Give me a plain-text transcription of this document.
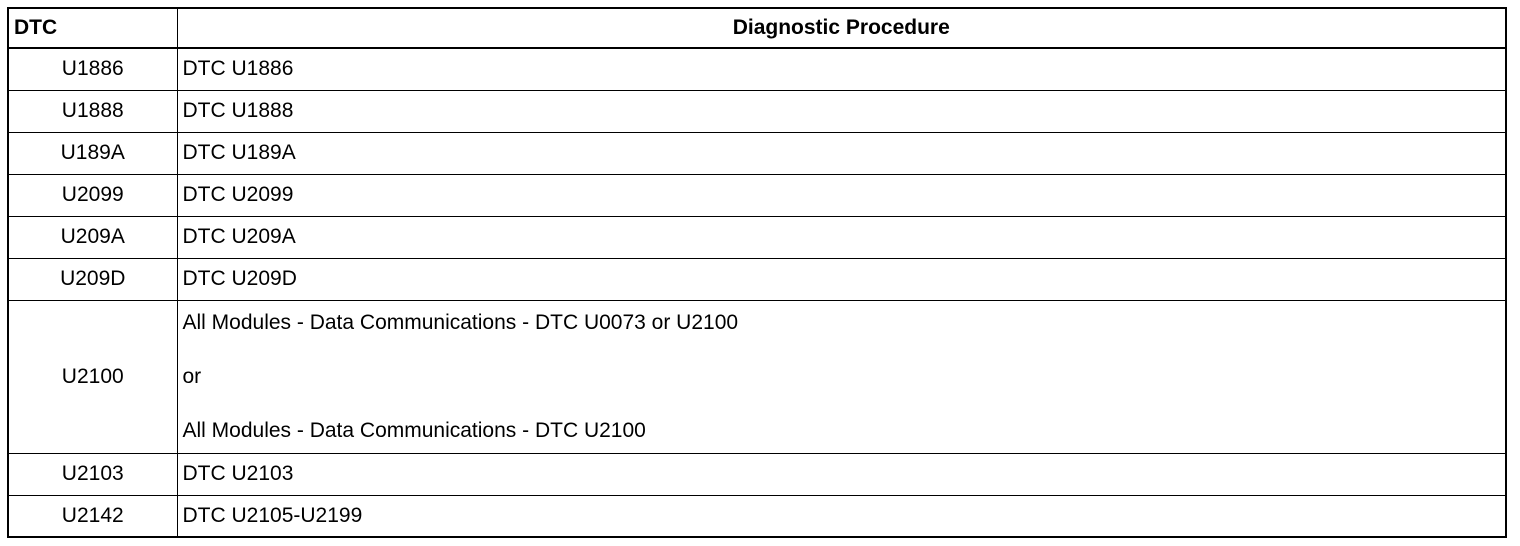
DTC	Diagnostic Procedure
U1886	DTC U1886
U1888	DTC U1888
U189A	DTC U189A
U2099	DTC U2099
U209A	DTC U209A
U209D	DTC U209D
U2100	All Modules - Data Communications - DTC U0073 or U2100
or
All Modules - Data Communications - DTC U2100

U2103	DTC U2103
U2142	DTC U2105-U2199
